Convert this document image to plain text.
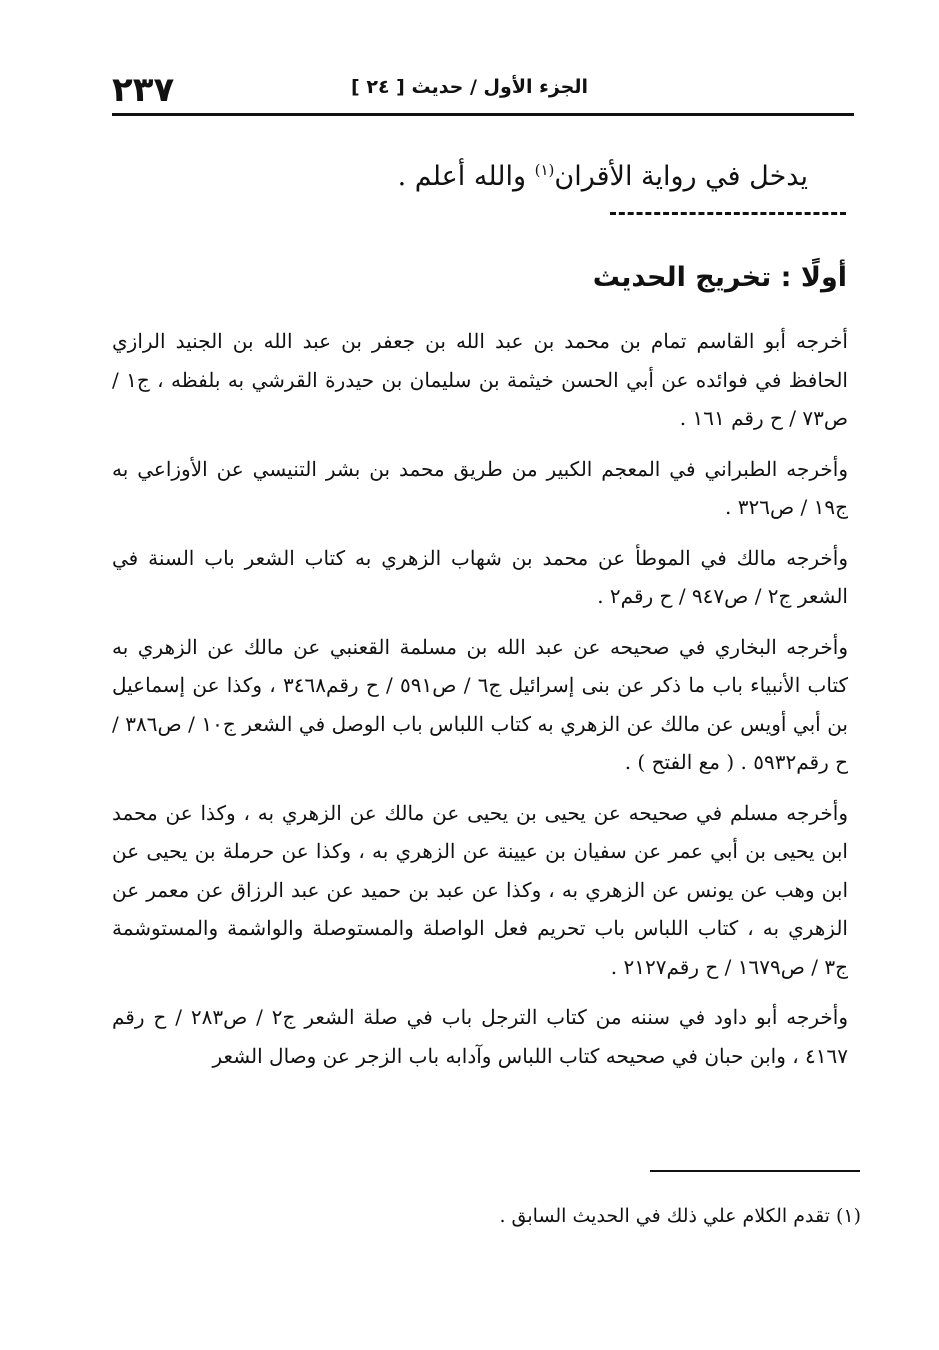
٢٣٧	الجزء الأول / حديث [ ٢٤ ]
يدخل في رواية الأقران$^{(١)}$ والله أعلم .
أولًا : تخريج الحديث

أخرجه أبو القاسم تمام بن محمد بن عبد الله بن جعفر بن عبد الله بن الجنيد الرازي الحافظ في فوائده عن أبي الحسن خيثمة بن سليمان بن حيدرة القرشي به بلفظه ، ج١ / ص٧٣ / ح رقم ١٦١ .

وأخرجه الطبراني في المعجم الكبير من طريق محمد بن بشر التنيسي عن الأوزاعي به ج١٩ / ص٣٢٦ .

وأخرجه مالك في الموطأ عن محمد بن شهاب الزهري به كتاب الشعر باب السنة في الشعر ج٢ / ص٩٤٧ / ح رقم٢ .

وأخرجه البخاري في صحيحه عن عبد الله بن مسلمة القعنبي عن مالك عن الزهري به كتاب الأنبياء باب ما ذكر عن بنى إسرائيل ج٦ / ص٥٩١ / ح رقم٣٤٦٨ ، وكذا عن إسماعيل بن أبي أويس عن مالك عن الزهري به كتاب اللباس باب الوصل في الشعر ج١٠ / ص٣٨٦ / ح رقم٥٩٣٢ . ( مع الفتح ) .

وأخرجه مسلم في صحيحه عن يحيى بن يحيى عن مالك عن الزهري به ، وكذا عن محمد ابن يحيى بن أبي عمر عن سفيان بن عيينة عن الزهري به ، وكذا عن حرملة بن يحيى عن ابن وهب عن يونس عن الزهري به ، وكذا عن عبد بن حميد عن عبد الرزاق عن معمر عن الزهري به ، كتاب اللباس باب تحريم فعل الواصلة والمستوصلة والواشمة والمستوشمة ج٣ / ص١٦٧٩ / ح رقم٢١٢٧ .

وأخرجه أبو داود في سننه من كتاب الترجل باب في صلة الشعر ج٢ / ص٢٨٣ / ح رقم ٤١٦٧ ، وابن حبان في صحيحه كتاب اللباس وآدابه باب الزجر عن وصال الشعر

(١) تقدم الكلام علي ذلك في الحديث السابق .
